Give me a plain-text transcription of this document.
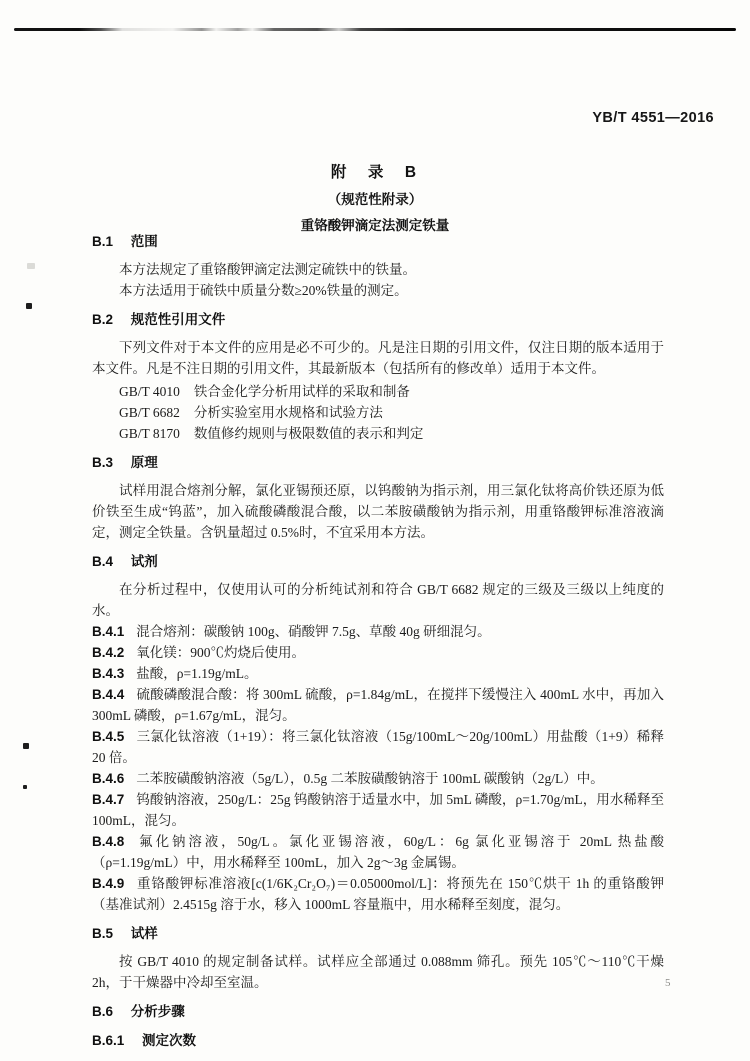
YB/T 4551—2016

附　录　B

（规范性附录）

重铬酸钾滴定法测定铁量

B.1 范围

本方法规定了重铬酸钾滴定法测定硫铁中的铁量。

本方法适用于硫铁中质量分数≥20%铁量的测定。

B.2 规范性引用文件

下列文件对于本文件的应用是必不可少的。凡是注日期的引用文件，仅注日期的版本适用于本文件。凡是不注日期的引用文件，其最新版本（包括所有的修改单）适用于本文件。

GB/T 4010 铁合金化学分析用试样的采取和制备
GB/T 6682 分析实验室用水规格和试验方法
GB/T 8170 数值修约规则与极限数值的表示和判定
B.3 原理

试样用混合熔剂分解，氯化亚锡预还原，以钨酸钠为指示剂，用三氯化钛将高价铁还原为低价铁至生成“钨蓝”，加入硫酸磷酸混合酸，以二苯胺磺酸钠为指示剂，用重铬酸钾标准溶液滴定，测定全铁量。含钒量超过 0.5%时，不宜采用本方法。

B.4 试剂

在分析过程中，仅使用认可的分析纯试剂和符合 GB/T 6682 规定的三级及三级以上纯度的水。

B.4.1 混合熔剂：碳酸钠 100g、硝酸钾 7.5g、草酸 40g 研细混匀。

B.4.2 氧化镁：900℃灼烧后使用。

B.4.3 盐酸，ρ=1.19g/mL。

B.4.4 硫酸磷酸混合酸：将 300mL 硫酸，ρ=1.84g/mL，在搅拌下缓慢注入 400mL 水中，再加入 300mL 磷酸，ρ=1.67g/mL，混匀。

B.4.5 三氯化钛溶液（1+19）：将三氯化钛溶液（15g/100mL～20g/100mL）用盐酸（1+9）稀释 20 倍。

B.4.6 二苯胺磺酸钠溶液（5g/L），0.5g 二苯胺磺酸钠溶于 100mL 碳酸钠（2g/L）中。

B.4.7 钨酸钠溶液，250g/L：25g 钨酸钠溶于适量水中，加 5mL 磷酸，ρ=1.70g/mL，用水稀释至 100mL，混匀。

B.4.8 氟化钠溶液，50g/L。氯化亚锡溶液，60g/L：6g 氯化亚锡溶于 20mL 热盐酸（ρ=1.19g/mL）中，用水稀释至 100mL，加入 2g～3g 金属锡。

B.4.9 重铬酸钾标准溶液[c(1/6K₂Cr₂O₇)＝0.05000mol/L]：将预先在 150℃烘干 1h 的重铬酸钾（基准试剂）2.4515g 溶于水，移入 1000mL 容量瓶中，用水稀释至刻度，混匀。

B.5 试样

按 GB/T 4010 的规定制备试样。试样应全部通过 0.088mm 筛孔。预先 105℃～110℃干燥 2h，于干燥器中冷却至室温。

B.6 分析步骤
B.6.1 测定次数
5
